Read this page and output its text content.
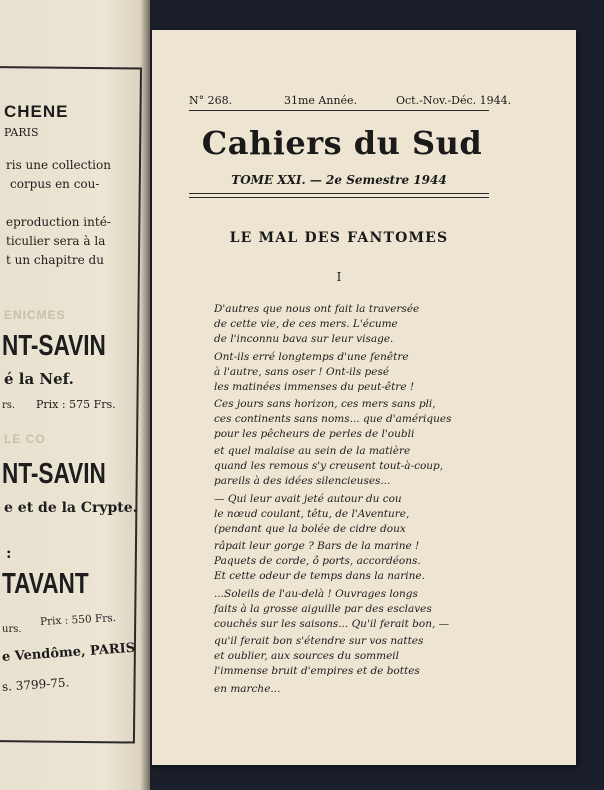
CHENE
PARIS
ris une collection
corpus en cou-
eproduction inté-
ticulier sera à la
t un chapitre du
ENICMES
NT-SAVIN
é la Nef.
rs. Prix : 575 Frs.
LE CO
NT-SAVIN
e et de la Crypte.
:
TAVANT
urs.
Prix : 550 Frs.
e Vendôme, PARIS
s. 3799-75.
N° 268.	31me Année.	Oct.-Nov.-Déc. 1944.
Cahiers du Sud
TOME XXI. — 2e Semestre 1944
LE MAL DES FANTOMES
I
D'autres que nous ont fait la traversée
de cette vie, de ces mers. L'écume
de l'inconnu bava sur leur visage.
Ont-ils erré longtemps d'une fenêtre
à l'autre, sans oser ! Ont-ils pesé
les matinées immenses du peut-être !
Ces jours sans horizon, ces mers sans pli,
ces continents sans noms... que d'amériques
pour les pêcheurs de perles de l'oubli
et quel malaise au sein de la matière
quand les remous s'y creusent tout-à-coup,
pareils à des idées silencieuses...
— Qui leur avait jeté autour du cou
le nœud coulant, têtu, de l'Aventure,
(pendant que la bolée de cidre doux
râpait leur gorge ? Bars de la marine !
Paquets de corde, ô ports, accordéons.
Et cette odeur de temps dans la narine.
...Soleils de l'au-delà ! Ouvrages longs
faits à la grosse aiguille par des esclaves
couchés sur les saisons... Qu'il ferait bon, —
qu'il ferait bon s'étendre sur vos nattes
et oublier, aux sources du sommeil
l'immense bruit d'empires et de bottes
en marche...
